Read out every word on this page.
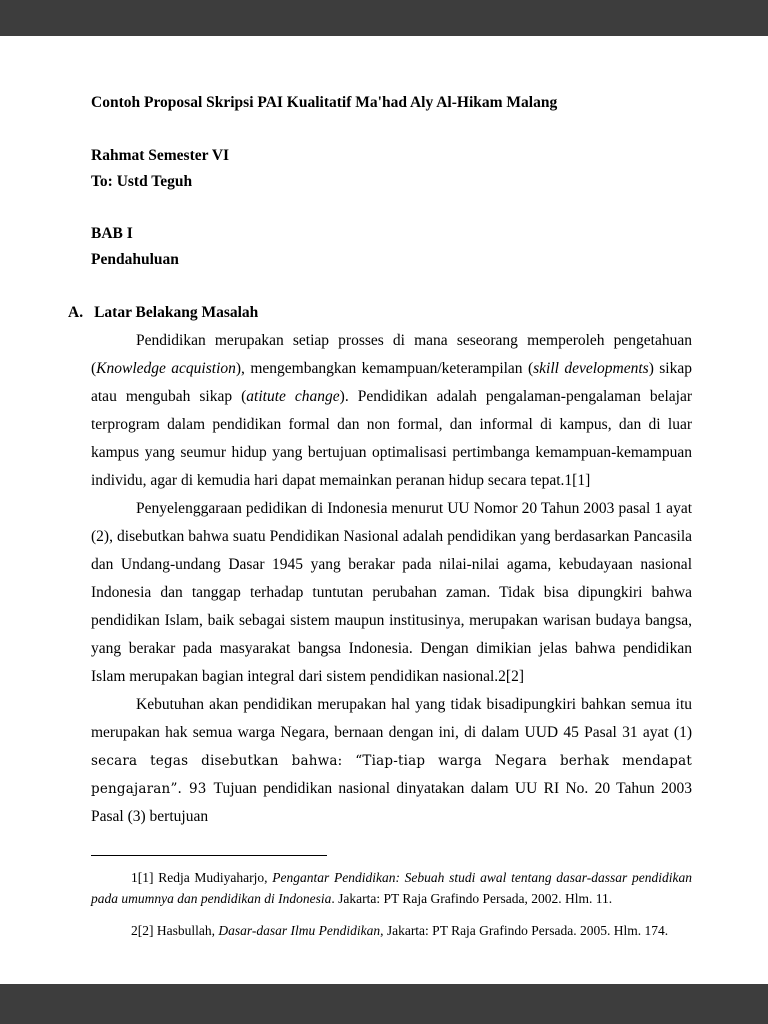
Contoh Proposal Skripsi PAI Kualitatif Ma'had Aly Al-Hikam Malang
Rahmat Semester VI
To: Ustd Teguh
BAB I
Pendahuluan
A. Latar Belakang Masalah

Pendidikan merupakan setiap prosses di mana seseorang memperoleh pengetahuan (Knowledge acquistion), mengembangkan kemampuan/keterampilan (skill developments) sikap atau mengubah sikap (atitute change). Pendidikan adalah pengalaman-pengalaman belajar terprogram dalam pendidikan formal dan non formal, dan informal di kampus, dan di luar kampus yang seumur hidup yang bertujuan optimalisasi pertimbanga kemampuan-kemampuan individu, agar di kemudia hari dapat memainkan peranan hidup secara tepat.1[1]

Penyelenggaraan pedidikan di Indonesia menurut UU Nomor 20 Tahun 2003 pasal 1 ayat (2), disebutkan bahwa suatu Pendidikan Nasional adalah pendidikan yang berdasarkan Pancasila dan Undang-undang Dasar 1945 yang berakar pada nilai-nilai agama, kebudayaan nasional Indonesia dan tanggap terhadap tuntutan perubahan zaman. Tidak bisa dipungkiri bahwa pendidikan Islam, baik sebagai sistem maupun institusinya, merupakan warisan budaya bangsa, yang berakar pada masyarakat bangsa Indonesia. Dengan dimikian jelas bahwa pendidikan Islam merupakan bagian integral dari sistem pendidikan nasional.2[2]

Kebutuhan akan pendidikan merupakan hal yang tidak bisadipungkiri bahkan semua itu merupakan hak semua warga Negara, bernaan dengan ini, di dalam UUD 45 Pasal 31 ayat (1) secara tegas disebutkan bahwa: “Tiap-tiap warga Negara berhak mendapat pengajaran”. 93 Tujuan pendidikan nasional dinyatakan dalam UU RI No. 20 Tahun 2003 Pasal (3) bertujuan

1[1] Redja Mudiyaharjo, Pengantar Pendidikan: Sebuah studi awal tentang dasar-dassar pendidikan pada umumnya dan pendidikan di Indonesia. Jakarta: PT Raja Grafindo Persada, 2002. Hlm. 11.

2[2] Hasbullah, Dasar-dasar Ilmu Pendidikan, Jakarta: PT Raja Grafindo Persada. 2005. Hlm. 174.
